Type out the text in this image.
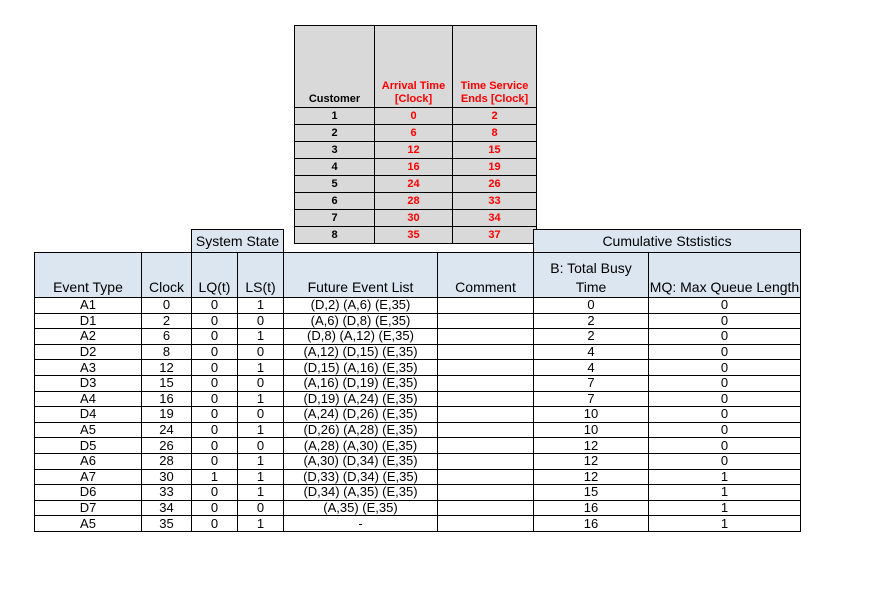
Customer	Arrival Time [Clock]	Time Service Ends [Clock]
1	0	2
2	6	8
3	12	15
4	16	19
5	24	26
6	28	33
7	30	34
8	35	37
		System State				Cumulative Ststistics	
Event Type	Clock	LQ(t)	LS(t)	Future Event List	Comment	B: Total Busy Time	MQ: Max Queue Length
A1	0	0	1	(D,2) (A,6) (E,35)		0	0
D1	2	0	0	(A,6) (D,8) (E,35)		2	0
A2	6	0	1	(D,8) (A,12) (E,35)		2	0
D2	8	0	0	(A,12) (D,15) (E,35)		4	0
A3	12	0	1	(D,15) (A,16) (E,35)		4	0
D3	15	0	0	(A,16) (D,19) (E,35)		7	0
A4	16	0	1	(D,19) (A,24) (E,35)		7	0
D4	19	0	0	(A,24) (D,26) (E,35)		10	0
A5	24	0	1	(D,26) (A,28) (E,35)		10	0
D5	26	0	0	(A,28) (A,30) (E,35)		12	0
A6	28	0	1	(A,30) (D,34) (E,35)		12	0
A7	30	1	1	(D,33) (D,34) (E,35)		12	1
D6	33	0	1	(D,34) (A,35) (E,35)		15	1
D7	34	0	0	(A,35) (E,35)		16	1
A5	35	0	1	-		16	1
